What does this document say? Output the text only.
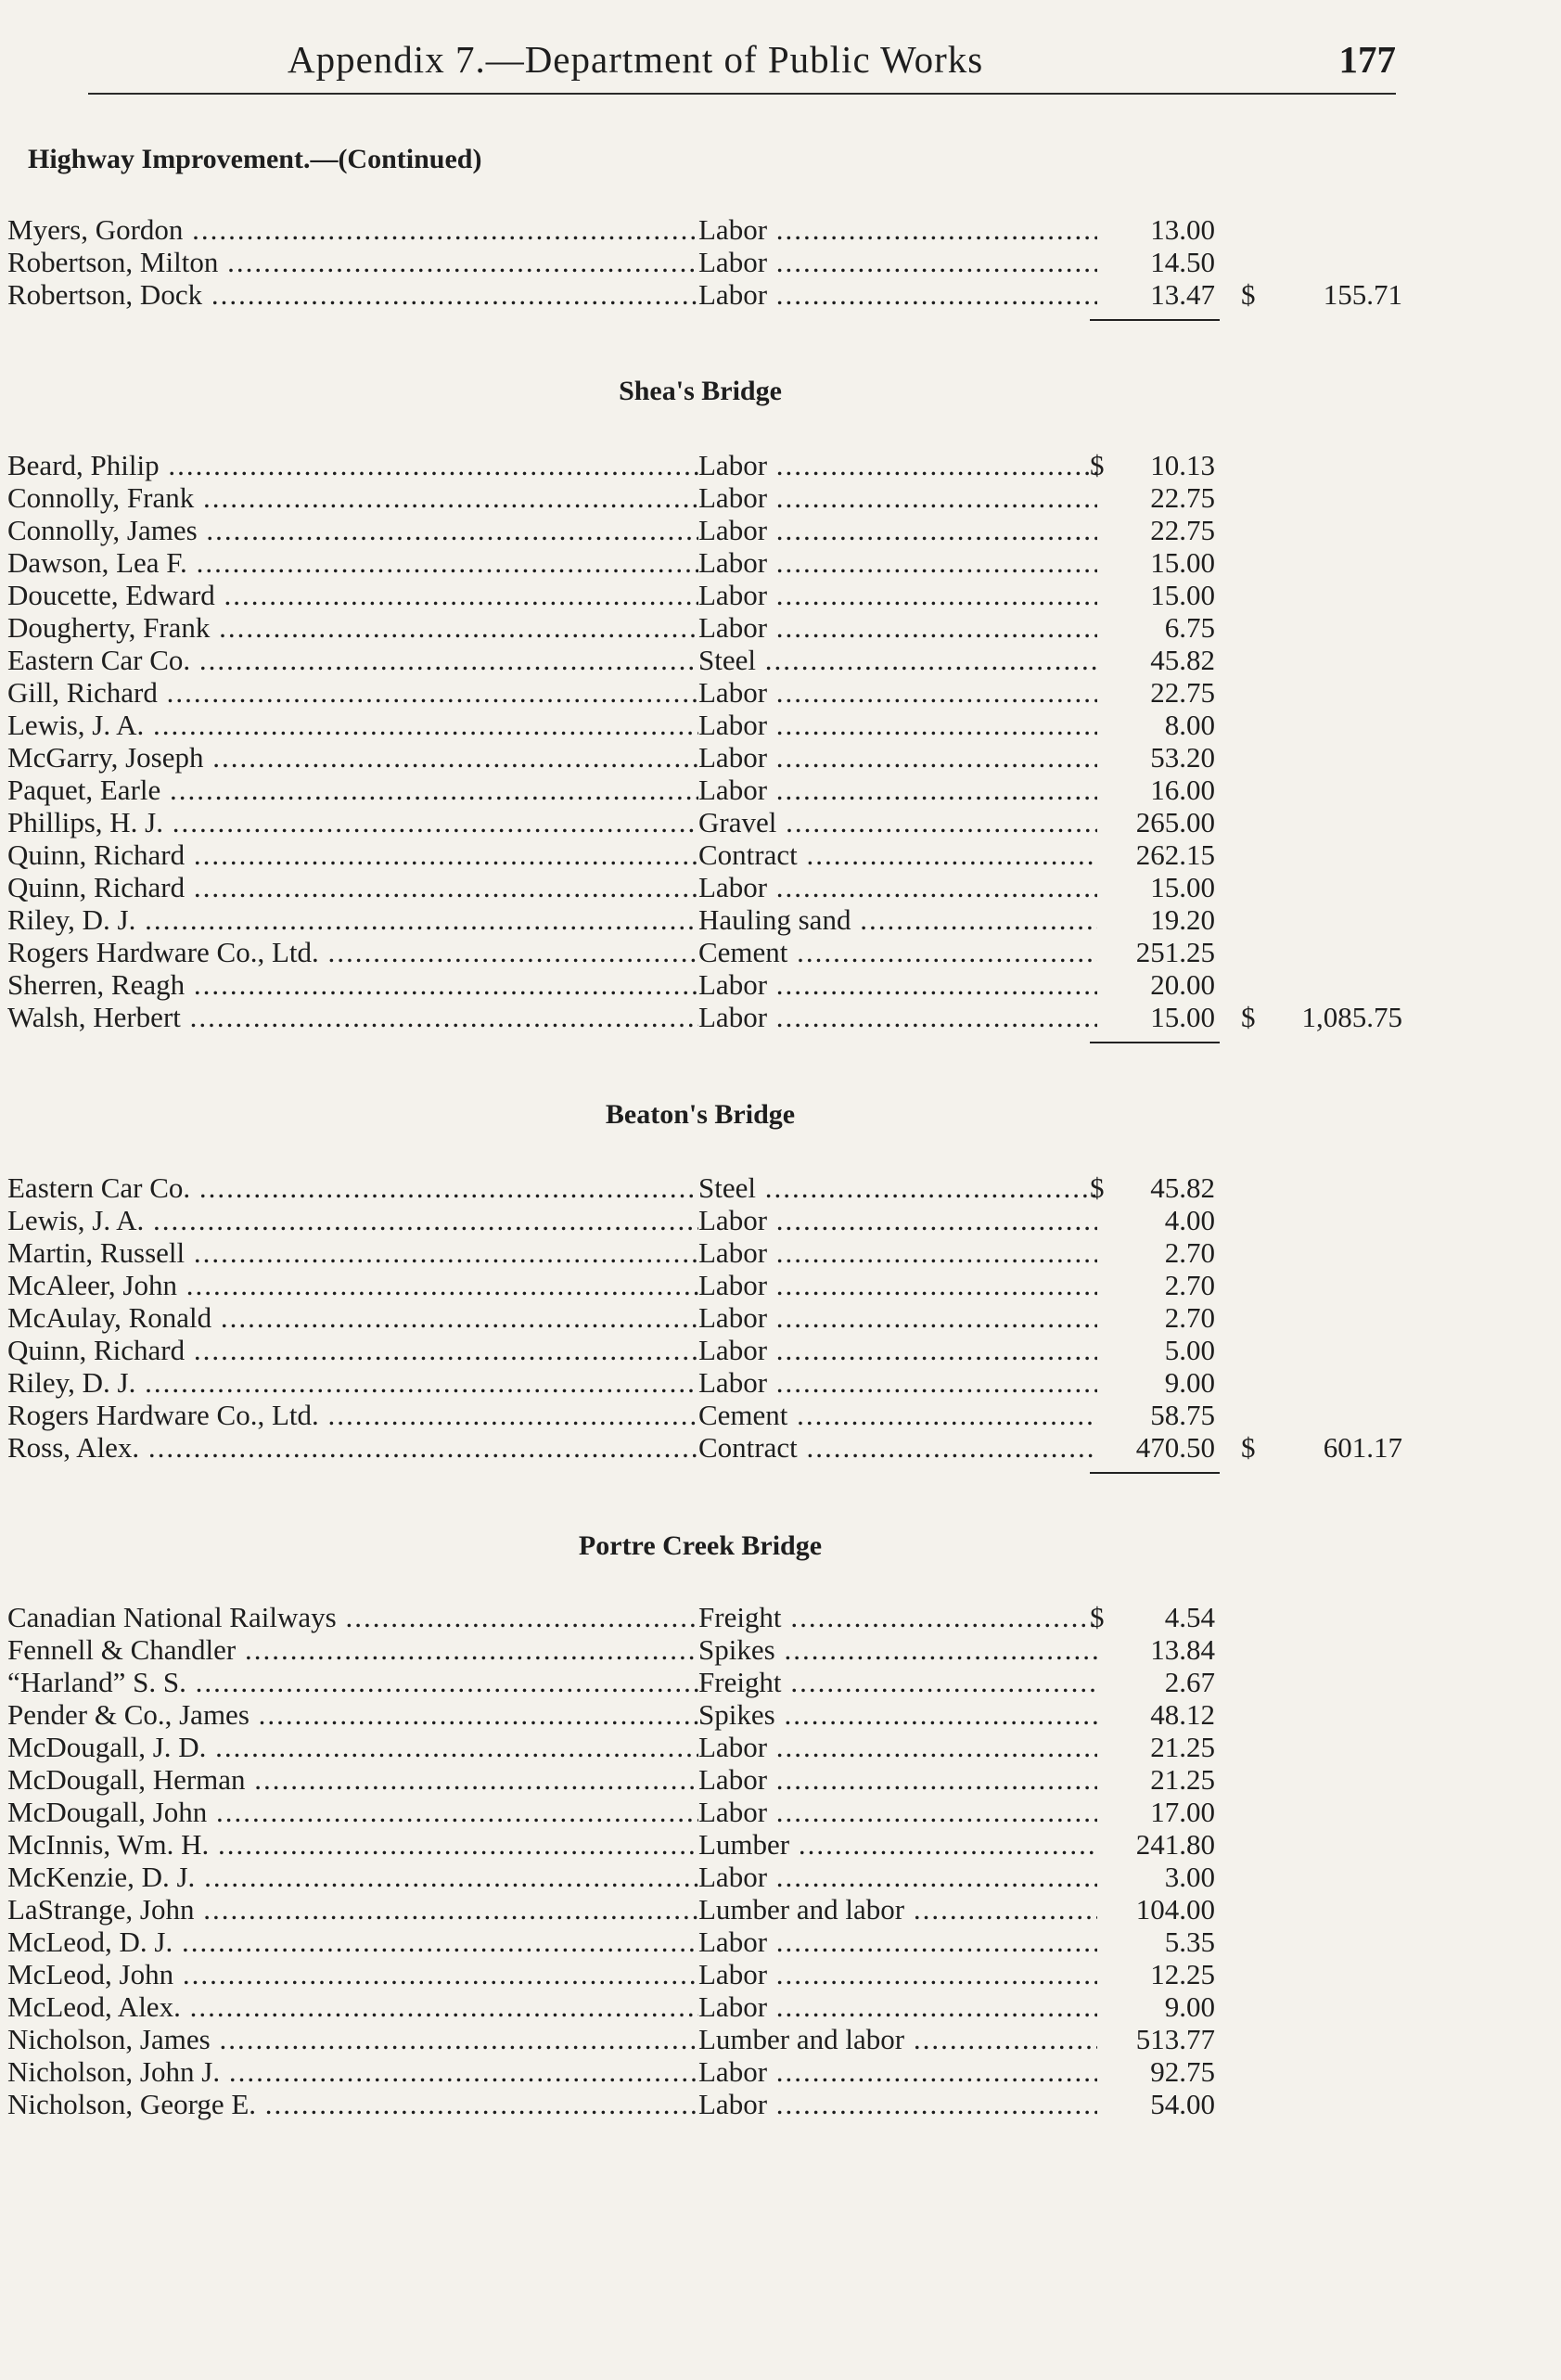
Appendix 7.—Department of Public Works	177
Highway Improvement.—(Continued)
Myers, Gordon .....	Labor .....	13.00
Robertson, Milton .....	Labor .....	14.50
Robertson, Dock .....	Labor .....	13.47 $	155.71
Shea's Bridge
Beard, Philip .....	Labor .....	$	10.13
Connolly, Frank .....	Labor .....	22.75
Connolly, James .....	Labor .....	22.75
Dawson, Lea F. .....	Labor .....	15.00
Doucette, Edward .....	Labor .....	15.00
Dougherty, Frank .....	Labor .....	6.75
Eastern Car Co. .....	Steel .....	45.82
Gill, Richard .....	Labor .....	22.75
Lewis, J. A. .....	Labor .....	8.00
McGarry, Joseph .....	Labor .....	53.20
Paquet, Earle .....	Labor .....	16.00
Phillips, H. J. .....	Gravel .....	265.00
Quinn, Richard .....	Contract .....	262.15
Quinn, Richard .....	Labor .....	15.00
Riley, D. J. .....	Hauling sand .....	19.20
Rogers Hardware Co., Ltd. .....	Cement .....	251.25
Sherren, Reagh .....	Labor .....	20.00
Walsh, Herbert .....	Labor .....	15.00 $	1,085.75
Beaton's Bridge
Eastern Car Co. .....	Steel .....	$	45.82
Lewis, J. A. .....	Labor .....	4.00
Martin, Russell .....	Labor .....	2.70
McAleer, John .....	Labor .....	2.70
McAulay, Ronald .....	Labor .....	2.70
Quinn, Richard .....	Labor .....	5.00
Riley, D. J. .....	Labor .....	9.00
Rogers Hardware Co., Ltd. .....	Cement .....	58.75
Ross, Alex. .....	Contract .....	470.50 $	601.17
Portre Creek Bridge
Canadian National Railways .....	Freight .....	$	4.54
Fennell & Chandler .....	Spikes .....	13.84
“Harland” S. S. .....	Freight .....	2.67
Pender & Co., James .....	Spikes .....	48.12
McDougall, J. D. .....	Labor .....	21.25
McDougall, Herman .....	Labor .....	21.25
McDougall, John .....	Labor .....	17.00
McInnis, Wm. H. .....	Lumber .....	241.80
McKenzie, D. J. .....	Labor .....	3.00
LaStrange, John .....	Lumber and labor .....	104.00
McLeod, D. J. .....	Labor .....	5.35
McLeod, John .....	Labor .....	12.25
McLeod, Alex. .....	Labor .....	9.00
Nicholson, James .....	Lumber and labor .....	513.77
Nicholson, John J. .....	Labor .....	92.75
Nicholson, George E. .....	Labor .....	54.00
